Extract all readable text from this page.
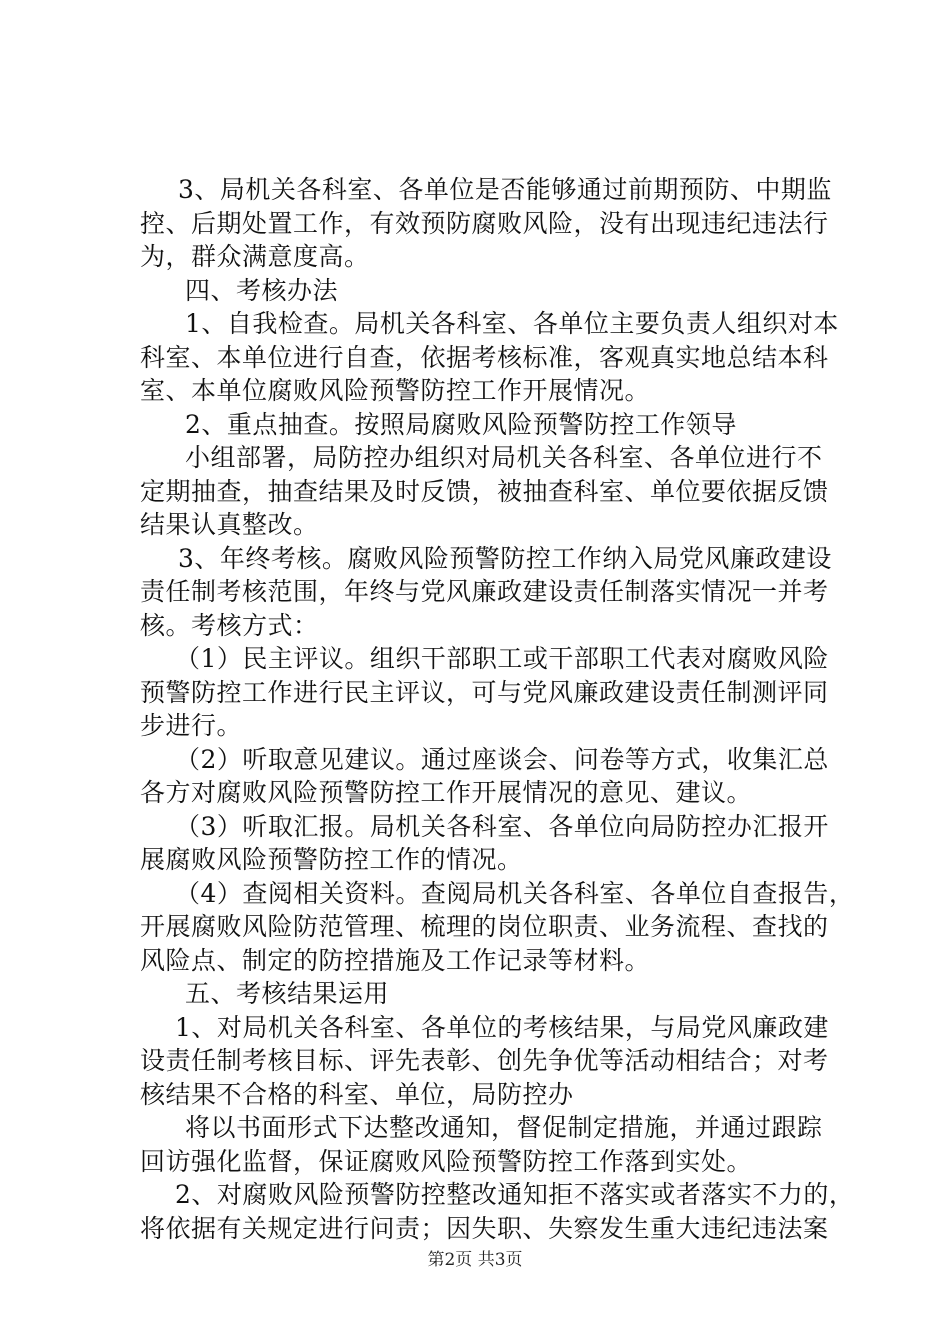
3、局机关各科室、各单位是否能够通过前期预防、中期监
控、后期处置工作，有效预防腐败风险，没有出现违纪违法行
为，群众满意度高。
四、考核办法
1、自我检查。局机关各科室、各单位主要负责人组织对本
科室、本单位进行自查，依据考核标准，客观真实地总结本科
室、本单位腐败风险预警防控工作开展情况。
2、重点抽查。按照局腐败风险预警防控工作领导
小组部署，局防控办组织对局机关各科室、各单位进行不
定期抽查，抽查结果及时反馈，被抽查科室、单位要依据反馈
结果认真整改。
3、年终考核。腐败风险预警防控工作纳入局党风廉政建设
责任制考核范围，年终与党风廉政建设责任制落实情况一并考
核。考核方式：
（1）民主评议。组织干部职工或干部职工代表对腐败风险
预警防控工作进行民主评议，可与党风廉政建设责任制测评同
步进行。
（2）听取意见建议。通过座谈会、问卷等方式，收集汇总
各方对腐败风险预警防控工作开展情况的意见、建议。
（3）听取汇报。局机关各科室、各单位向局防控办汇报开
展腐败风险预警防控工作的情况。
（4）查阅相关资料。查阅局机关各科室、各单位自查报告，
开展腐败风险防范管理、梳理的岗位职责、业务流程、查找的
风险点、制定的防控措施及工作记录等材料。
五、考核结果运用
1、对局机关各科室、各单位的考核结果，与局党风廉政建
设责任制考核目标、评先表彰、创先争优等活动相结合；对考
核结果不合格的科室、单位，局防控办
将以书面形式下达整改通知，督促制定措施，并通过跟踪
回访强化监督，保证腐败风险预警防控工作落到实处。
2、对腐败风险预警防控整改通知拒不落实或者落实不力的，
将依据有关规定进行问责；因失职、失察发生重大违纪违法案
第2页 共3页
